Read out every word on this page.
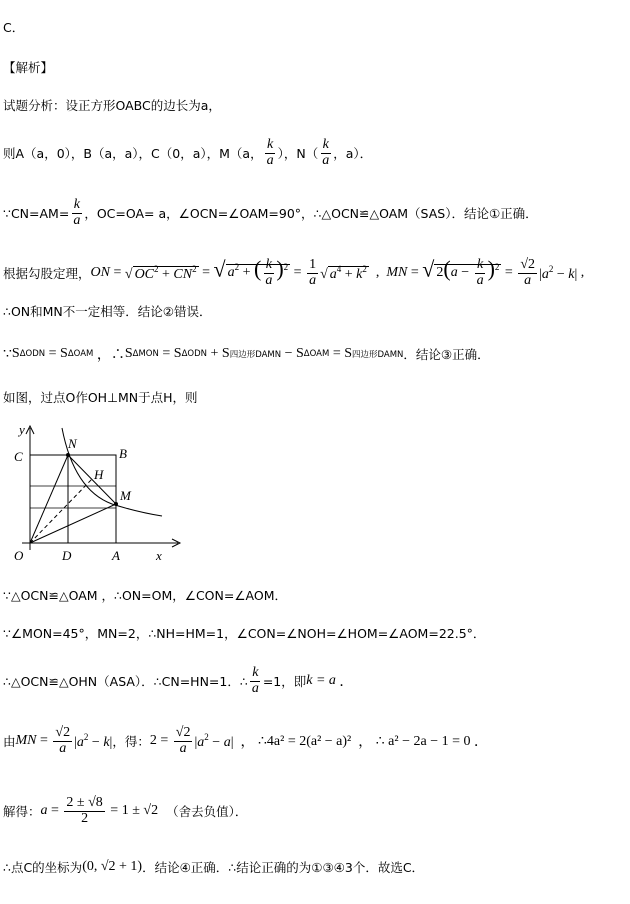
C．
【解析】
试题分析：设正方形OABC的边长为a，
则A（a，0），B（a，a），C（0，a），M（a， $\frac{k}{a}$ ），$N( \frac{k}{a}$ ，a）．
∵CN=AM= $\frac{k}{a}$ ，OC=OA= a，∠OCN=∠OAM=90°，∴△OCN≌△OAM（SAS）．结论①正确．
根据勾股定理， ON = √ $OC^2 + CN^2$ = √ $a^2$ + ( $\frac{k}{a} )^2 = \frac{1}{a}$ √ $a^4 + k^2$ , MN = √ $2(a - \frac{k}{a} )^2 = \frac{√2}{a} |a^2 - k|$ ,
∴ON和MN不一定相等．结论②错误．
∵ S ΔODN = S ΔOAM ，∴ S ΔMON = S ΔODN + S 四边形DAMN − S ΔOAM = S 四边形DAMN ．结论③正确．
如图，过点O作OH⊥MN于点H，则
y
C
N
B
H
M
O	D	A	x
∵△OCN≌△OAM ，∴ON=OM，∠CON=∠AOM．
∵∠MON=45°，MN=2，∴NH=HM=1，∠CON=∠NOH=∠HOM=∠AOM=22.5°．
∴△OCN≌△OHN（ASA）．∴CN=HN=1．∴ $\frac{k}{a} =1$，即 k = a ．
由 MN = $\frac{√2}{a} |a^2 - k|$ ，得： $2 = \frac{√2}{a} |a^2 - a|$ ， ∴4a² = 2(a² − a)² ， ∴ a² − 2a − 1 = 0 ．
解得： $a = \frac{2 \pm √8}{2} = 1 \pm √2$ （舍去负值）．
∴点C的坐标为 (0, √2 + 1) ．结论④正确．∴结论正确的为①③④3个．故选C．
